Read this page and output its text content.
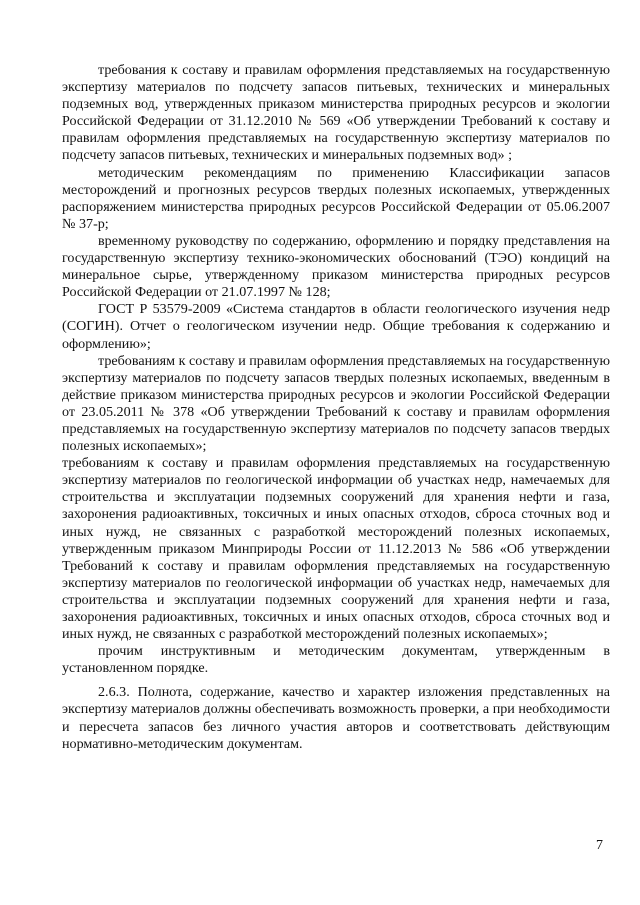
требования к составу и правилам оформления представляемых на государственную экспертизу материалов по подсчету запасов питьевых, технических и минеральных подземных вод, утвержденных приказом министерства природных ресурсов и экологии Российской Федерации от 31.12.2010 № 569 «Об утверждении Требований к составу и правилам оформления представляемых на государственную экспертизу материалов по подсчету запасов питьевых, технических и минеральных подземных вод» ;

методическим рекомендациям по применению Классификации запасов месторождений и прогнозных ресурсов твердых полезных ископаемых, утвержденных распоряжением министерства природных ресурсов Российской Федерации от 05.06.2007 № 37-р;

временному руководству по содержанию, оформлению и порядку представления на государственную экспертизу технико-экономических обоснований (ТЭО) кондиций на минеральное сырье, утвержденному приказом министерства природных ресурсов Российской Федерации от 21.07.1997 № 128;

ГОСТ Р 53579-2009 «Система стандартов в области геологического изучения недр (СОГИН). Отчет о геологическом изучении недр. Общие требования к содержанию и оформлению»;

требованиям к составу и правилам оформления представляемых на государственную экспертизу материалов по подсчету запасов твердых полезных ископаемых, введенным в действие приказом министерства природных ресурсов и экологии Российской Федерации от 23.05.2011 № 378 «Об утверждении Требований к составу и правилам оформления представляемых на государственную экспертизу материалов по подсчету запасов твердых полезных ископаемых»;

требованиям к составу и правилам оформления представляемых на государственную экспертизу материалов по геологической информации об участках недр, намечаемых для строительства и эксплуатации подземных сооружений для хранения нефти и газа, захоронения радиоактивных, токсичных и иных опасных отходов, сброса сточных вод и иных нужд, не связанных с разработкой месторождений полезных ископаемых, утвержденным приказом Минприроды России от 11.12.2013 № 586 «Об утверждении Требований к составу и правилам оформления представляемых на государственную экспертизу материалов по геологической информации об участках недр, намечаемых для строительства и эксплуатации подземных сооружений для хранения нефти и газа, захоронения радиоактивных, токсичных и иных опасных отходов, сброса сточных вод и иных нужд, не связанных с разработкой месторождений полезных ископаемых»;

прочим инструктивным и методическим документам, утвержденным в установленном порядке.

2.6.3. Полнота, содержание, качество и характер изложения представленных на экспертизу материалов должны обеспечивать возможность проверки, а при необходимости и пересчета запасов без личного участия авторов и соответствовать действующим нормативно-методическим документам.

7
